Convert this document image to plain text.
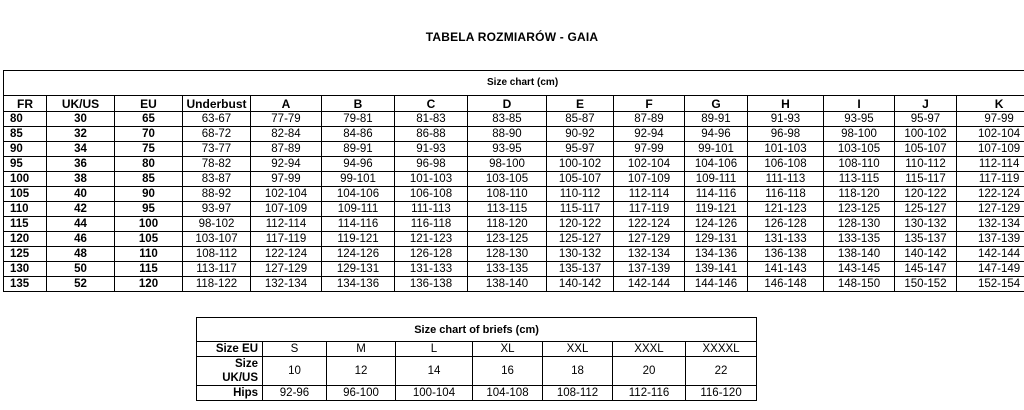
TABELA ROZMIARÓW - GAIA
Size chart (cm)														
FR	UK/US	EU	Underbust	A	B	C	D	E	F	G	H	I	J	K
80	30	65	63-67	77-79	79-81	81-83	83-85	85-87	87-89	89-91	91-93	93-95	95-97	97-99
85	32	70	68-72	82-84	84-86	86-88	88-90	90-92	92-94	94-96	96-98	98-100	100-102	102-104
90	34	75	73-77	87-89	89-91	91-93	93-95	95-97	97-99	99-101	101-103	103-105	105-107	107-109
95	36	80	78-82	92-94	94-96	96-98	98-100	100-102	102-104	104-106	106-108	108-110	110-112	112-114
100	38	85	83-87	97-99	99-101	101-103	103-105	105-107	107-109	109-111	111-113	113-115	115-117	117-119
105	40	90	88-92	102-104	104-106	106-108	108-110	110-112	112-114	114-116	116-118	118-120	120-122	122-124
110	42	95	93-97	107-109	109-111	111-113	113-115	115-117	117-119	119-121	121-123	123-125	125-127	127-129
115	44	100	98-102	112-114	114-116	116-118	118-120	120-122	122-124	124-126	126-128	128-130	130-132	132-134
120	46	105	103-107	117-119	119-121	121-123	123-125	125-127	127-129	129-131	131-133	133-135	135-137	137-139
125	48	110	108-112	122-124	124-126	126-128	128-130	130-132	132-134	134-136	136-138	138-140	140-142	142-144
130	50	115	113-117	127-129	129-131	131-133	133-135	135-137	137-139	139-141	141-143	143-145	145-147	147-149
135	52	120	118-122	132-134	134-136	136-138	138-140	140-142	142-144	144-146	146-148	148-150	150-152	152-154
Size chart of briefs (cm)							
Size EU	S	M	L	XL	XXL	XXXL	XXXXL
Size UK/US	10	12	14	16	18	20	22
Hips	92-96	96-100	100-104	104-108	108-112	112-116	116-120
